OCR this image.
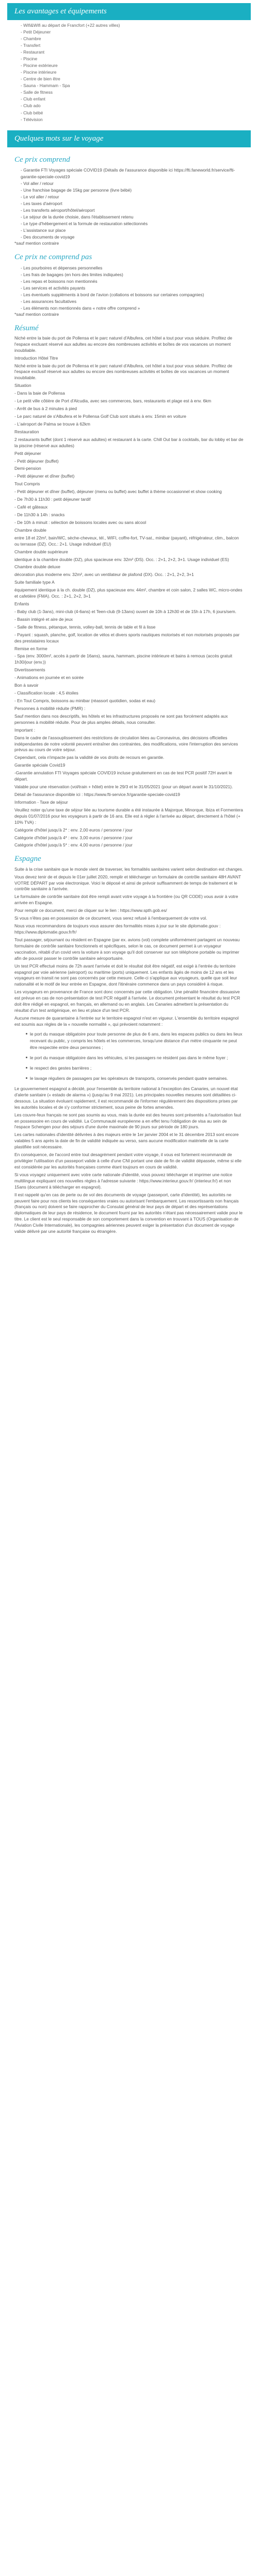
Les avantages et équipements
- Wifi&Wifi au départ de Francfort (+22 autres villes)
- Petit Déjeuner
- Chambre
- Transfert
- Restaurant
- Piscine
- Piscine extérieure
- Piscine intérieure
- Centre de bien être
- Sauna - Hammam - Spa
- Salle de fitness
- Club enfant
- Club ado
- Club bébé
- Télévision
Quelques mots sur le voyage
Ce prix comprend
- Garantie FTI Voyages spéciale COVID19 (Détails de l'assurance disponible ici https://fti.faneworld.fr/service/fti-garantie-speciale-covid19
- Vol aller / retour
- Une franchise bagage de 15kg par personne (livre bébé)
- Le vol aller / retour
- Les taxes d'aéroport
- Les transferts aéroport/hôtel/aéroport
- Le séjour de la durée choisie, dans l'établissement retenu
- Le type d'hébergement et la formule de restauration sélectionnés
- L'assistance sur place
- Des documents de voyage

*sauf mention contraire

Ce prix ne comprend pas
- Les pourboires et dépenses personnelles
- Les frais de bagages (en hors des limites indiquées)
- Les repas et boissons non mentionnés
- Les services et activités payants
- Les éventuels suppléments à bord de l'avion (collations et boissons sur certaines compagnies)
- Les assurances facultatives
- Les éléments non mentionnés dans « notre offre comprend »

*sauf mention contraire

Résumé

Niché entre la baie du port de Pollensa et le parc naturel d'Albufera, cet hôtel a tout pour vous séduire. Profitez de l'espace excluant réservé aux adultes au encore des nombreuses activités et boîtes de vos vacances un moment inoubliable.

Introduction Hôtel Titre

Niché entre la baie du port de Pollensa et le parc naturel d'Albufera, cet hôtel a tout pour vous séduire. Profitez de l'espace exclusif réservé aux adultes ou encore des nombreuses activités et boîtes de vos vacances un moment inoubliable.

Situation

- Dans la baie de Pollensa

- Le petit ville côtière de Port d'Alcudia, avec ses commerces, bars, restaurants et plage est à env. 6km

- Arrêt de bus à 2 minutes à pied

- Le parc naturel de s'Albufera et le Pollensa Golf Club sont situés à env. 15min en voiture

- L'aéroport de Palma se trouve à 62km

Restauration

2 restaurants buffet (dont 1 réservé aux adultes) et restaurant à la carte. Chill Out bar à cocktails, bar du lobby et bar de la piscine (réservé aux adultes)

Petit déjeuner

- Petit déjeuner (buffet)

Demi-pension

- Petit déjeuner et dîner (buffet)

Tout Compris

- Petit déjeuner et dîner (buffet), déjeuner (menu ou buffet) avec buffet à thème occasionnel et show cooking

- De 7h30 à 11h30 : petit déjeuner tardif

- Café et gâteaux

- De 11h30 à 14h : snacks

- De 10h à minuit : sélection de boissons locales avec ou sans alcool

Chambre double

entre 18 et 22m², bain/WC, sèche-cheveux, tél., WIFI, coffre-fort, TV-sat., minibar (payant), réfrigérateur, clim., balcon ou terrasse (DZ). Occ.: 2+1. Usage individuel (EU)

Chambre double supérieure

identique à la chambre double (DZ), plus spacieuse env. 32m² (DS). Occ. : 2+1, 2+2, 3+1. Usage individuel (ES)

Chambre double deluxe

décoration plus moderne env. 32m², avec un ventilateur de plafond (DX). Occ. : 2+1, 2+2, 3+1

Suite familiale type A

équipement identique à la ch. double (DZ), plus spacieuse env. 44m², chambre et coin salon, 2 salles WC, micro-ondes et cafetière (FMA). Occ. : 2+1, 2+2, 3+1

Enfants

- Baby club (1-3ans), mini-club (4-6ans) et Teen-club (9-13ans) ouvert de 10h à 12h30 et de 15h à 17h, 6 jours/sem.

- Bassin intégré et aire de jeux

- Salle de fitness, pétanque, tennis, volley-ball, tennis de table et fil à lisse

- Payant : squash, planche, golf, location de vélos et divers sports nautiques motorisés et non motorisés proposés par des prestataires locaux

Remise en forme

- Spa (env. 3000m², accès à partir de 16ans), sauna, hammam, piscine intérieure et bains à remous (accès gratuit 1h30/jour (env.))

Divertissements

- Animations en journée et en soirée

Bon à savoir

- Classification locale : 4,5 étoiles

- En Tout Compris, boissons au minibar (réassort quotidien, sodas et eau)

Personnes à mobilité réduite (PMR) :

Sauf mention dans nos descriptifs, les hôtels et les infrastructures proposés ne sont pas forcément adaptés aux personnes à mobilité réduite. Pour de plus amples détails, nous consulter.

Important :

Dans le cadre de l'assouplissement des restrictions de circulation liées au Coronavirus, des décisions officielles indépendantes de notre volonté peuvent entraîner des contraintes, des modifications, voire l'interruption des services prévus au cours de votre séjour.

Cependant, cela n'impacte pas la validité de vos droits de recours en garantie.

Garantie spéciale Covid19

-Garantie annulation FTI Voyages spéciale COVID19 incluse gratuitement en cas de test PCR positif 72H avant le départ.

Valable pour une réservation (vol/train + hôtel) entre le 29/3 et le 31/05/2021 (pour un départ avant le 31/10/2021).

Détail de l'assurance disponible ici : https://www.fti-service.fr/garantie-speciale-covid19

Information - Taxe de séjour

Veuillez noter qu'une taxe de séjour liée au tourisme durable a été instaurée à Majorque, Minorque, Ibiza et Formentera depuis 01/07/2016 pour les voyageurs à partir de 16 ans. Elle est à régler à l'arrivée au départ, directement à l'hôtel (+ 10% TVA) :

Catégorie d'hôtel jusqu'à 2* : env. 2,00 euros / personne / jour

Catégorie d'hôtel jusqu'à 4* : env. 3,00 euros / personne / jour

Catégorie d'hôtel jusqu'à 5* : env. 4,00 euros / personne / jour

Espagne

Suite à la crise sanitaire que le monde vient de traverser, les formalités sanitaires varient selon destination est changes.

Vous devez tenir de et depuis le 01er juillet 2020, remplir et télécharger un formulaire de contrôle sanitaire 48H AVANT VOTRE DÉPART par voie électronique. Voici le déposé et ainsi de prévoir suffisamment de temps de traitement et le contrôle sanitaire à l'arrivée.

Le formulaire de contrôle sanitaire doit être rempli avant votre voyage à la frontière (ou QR CODE) vous avoir à votre arrivée en Espagne.

Pour remplir ce document, merci de cliquer sur le lien : https://www.spth.gob.es/

Si vous n'êtes pas en possession de ce document, vous serez refusé à l'embarquement de votre vol.

Nous vous recommandons de toujours vous assurer des formalités mises à jour sur le site diplomatie.gouv : https://www.diplomatie.gouv.fr/fr/

Tout passager, séjournant ou résident en Espagne (par ex. avions (vol) complete uniformément partagent un nouveau formulaire de contrôle sanitaire fonctionnels et spécifiques, selon le cas, ce document permet à un voyageur vaccination, rétabli d'un covid vers la voiture à son voyage qu'il doit conserver sur son téléphone portable ou imprimer afin de pouvoir passer le contrôle sanitaire aéroportuaire.

Un test PCR effectué moins de 72h avant l'arrivée et doit le résultat doit être négatif, est exigé à l'entrée du territoire espagnol par voie aérienne (aéroport) ou maritime (ports) uniquement. Les enfants âgés de moins de 12 ans et les voyageurs en transit ne sont pas concernés par cette mesure. Celle-ci s'applique aux voyageurs, quelle que soit leur nationalité et le motif de leur entrée en Espagne, dont l'itinéraire commence dans un pays considéré à risque.

Les voyageurs en provenance de France sont donc concernés par cette obligation. Une pénalité financière dissuasive est prévue en cas de non-présentation de test PCR négatif à l'arrivée. Le document présentant le résultat du test PCR doit être rédigé en espagnol, en français, en allemand ou en anglais. Les Canaries admettent la présentation du résultat d'un test antigénique, en lieu et place d'un test PCR.

Aucune mesure de quarantaine à l'entrée sur le territoire espagnol n'est en vigueur. L'ensemble du territoire espagnol est soumis aux règles de la « nouvelle normalité », qui prévoient notamment :

le port du masque obligatoire pour toute personne de plus de 6 ans, dans les espaces publics ou dans les lieux recevant du public, y compris les hôtels et les commerces, lorsqu'une distance d'un mètre cinquante ne peut être respectée entre deux personnes ;
le port du masque obligatoire dans les véhicules, si les passagers ne résident pas dans le même foyer ;
le respect des gestes barrières ;
le lavage réguliers de passagers par les opérateurs de transports, conservés pendant quatre semaines.

Le gouvernement espagnol a décidé, pour l'ensemble du territoire national à l'exception des Canaries, un nouvel état d'alerte sanitaire (« estado de alarma ») (jusqu'au 9 mai 2021). Les principales nouvelles mesures sont détaillées ci-dessous. La situation évoluant rapidement, il est recommandé de l'informer régulièrement des dispositions prises par les autorités locales et de s'y conformer strictement, sous peine de fortes amendes.

Les couvre-feux français ne sont pas soumis au vous, mais la durée est des heures sont présentés a l'autorisation faut en possessoire en cours de validité. La Communauté européenne a en effet tenu l'obligation de visa au sein de l'espace Schengen pour des séjours d'une durée maximale de 90 jours sur période de 180 jours.

Les cartes nationales d'identité délivrées à des majeurs entre le 1er janvier 2004 et le 31 décembre 2013 sont encore valables 5 ans après la date de fin de validité indiquée au verso, sans aucune modification matérielle de la carte plastifiée soit nécessaire.

En conséquence, de l'accord entre tout desagrément pendant votre voyage, il vous est fortement recommandé de privilégier l'utilisation d'un passeport valide à celle d'une CNI portant une date de fin de validité dépassée, même si elle est considérée par les autorités françaises comme étant toujours en cours de validité.

Si vous voyagez uniquement avec votre carte nationale d'identité, vous pouvez télécharger et imprimer une notice multilingue expliquant ces nouvelles règles à l'adresse suivante : https://www.interieur.gouv.fr/ (interieur.fr/) et non 15ans (document à télécharger en espagnol).

Il est rappelé qu'en cas de perte ou de vol des documents de voyage (passeport, carte d'identité), les autorités ne peuvent faire pour nos clients les conséquentes vraies ou autorisant l'embarquement. Les ressortissants non français (français ou non) doivent se faire rapprocher du Consulat général de leur pays de départ et des représentations diplomatiques de leur pays de résidence, le document fourni par les autorités n'étant pas nécessairement valide pour le titre. Le client est le seul responsable de son comportement dans la convention en trouvant à TOUS (Organisation de l'Aviation Civile Internationale), les compagnies aériennes peuvent exiger la présentation d'un document de voyage valide délivré par une autorité française ou étrangère.
